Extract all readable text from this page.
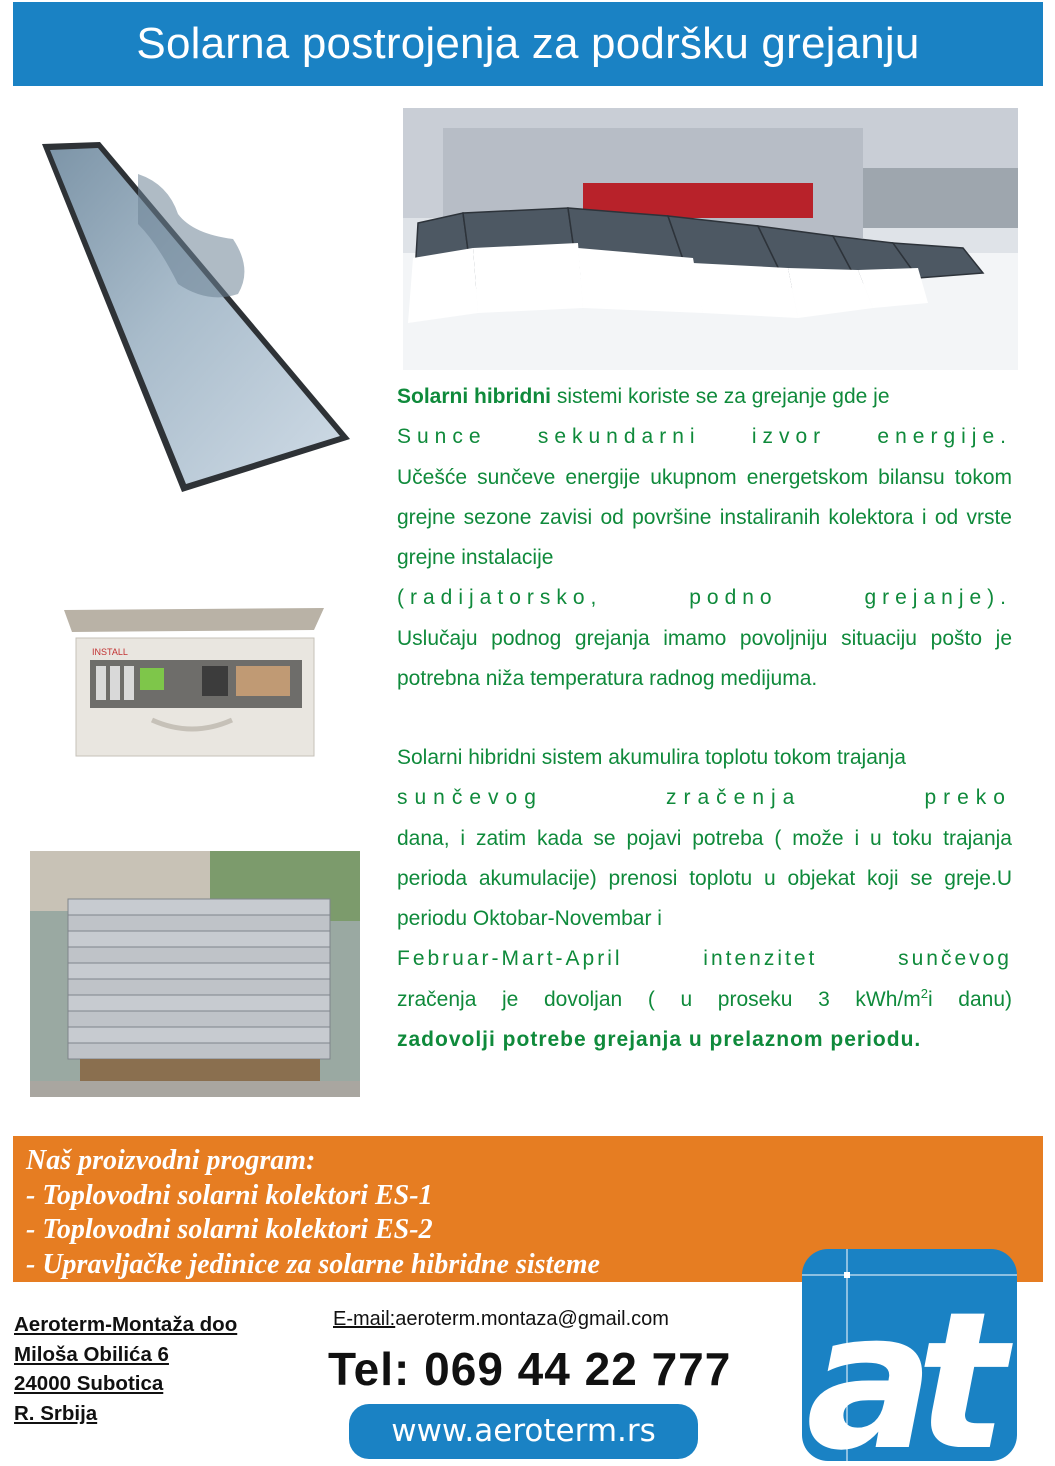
Solarna postrojenja za podršku grejanju
INSTALL
Solarni hibridni sistemi koriste se za grejanje gde je
Sunce sekundarni izvor energije.
Učešće sunčeve energije ukupnom energetskom bilansu tokom grejne sezone zavisi od površine instaliranih kolektora i od vrste grejne instalacije
(radijatorsko, podno grejanje).
Uslučaju podnog grejanja imamo povoljniju situaciju pošto je potrebna niža temperatura radnog medijuma.
Solarni hibridni sistem akumulira toplotu tokom trajanja
sunčevog zračenja preko
dana, i zatim kada se pojavi potreba ( može i u toku trajanja perioda akumulacije) prenosi toplotu u objekat koji se greje.U periodu Oktobar-Novembar i
Februar-Mart-April intenzitet sunčevog
zračenja je dovoljan ( u proseku 3 kWh/$m^2i$ danu)
zadovolji potrebe grejanja u prelaznom periodu.
Naš proizvodni program:
- Toplovodni solarni kolektori ES-1
- Toplovodni solarni kolektori ES-2
- Upravljačke jedinice za solarne hibridne sisteme
Aeroterm-Montaža doo
Miloša Obilića 6
24000 Subotica
R. Srbija
E-mail:aeroterm.montaza@gmail.com
Tel: 069 44 22 777
www.aeroterm.rs at
